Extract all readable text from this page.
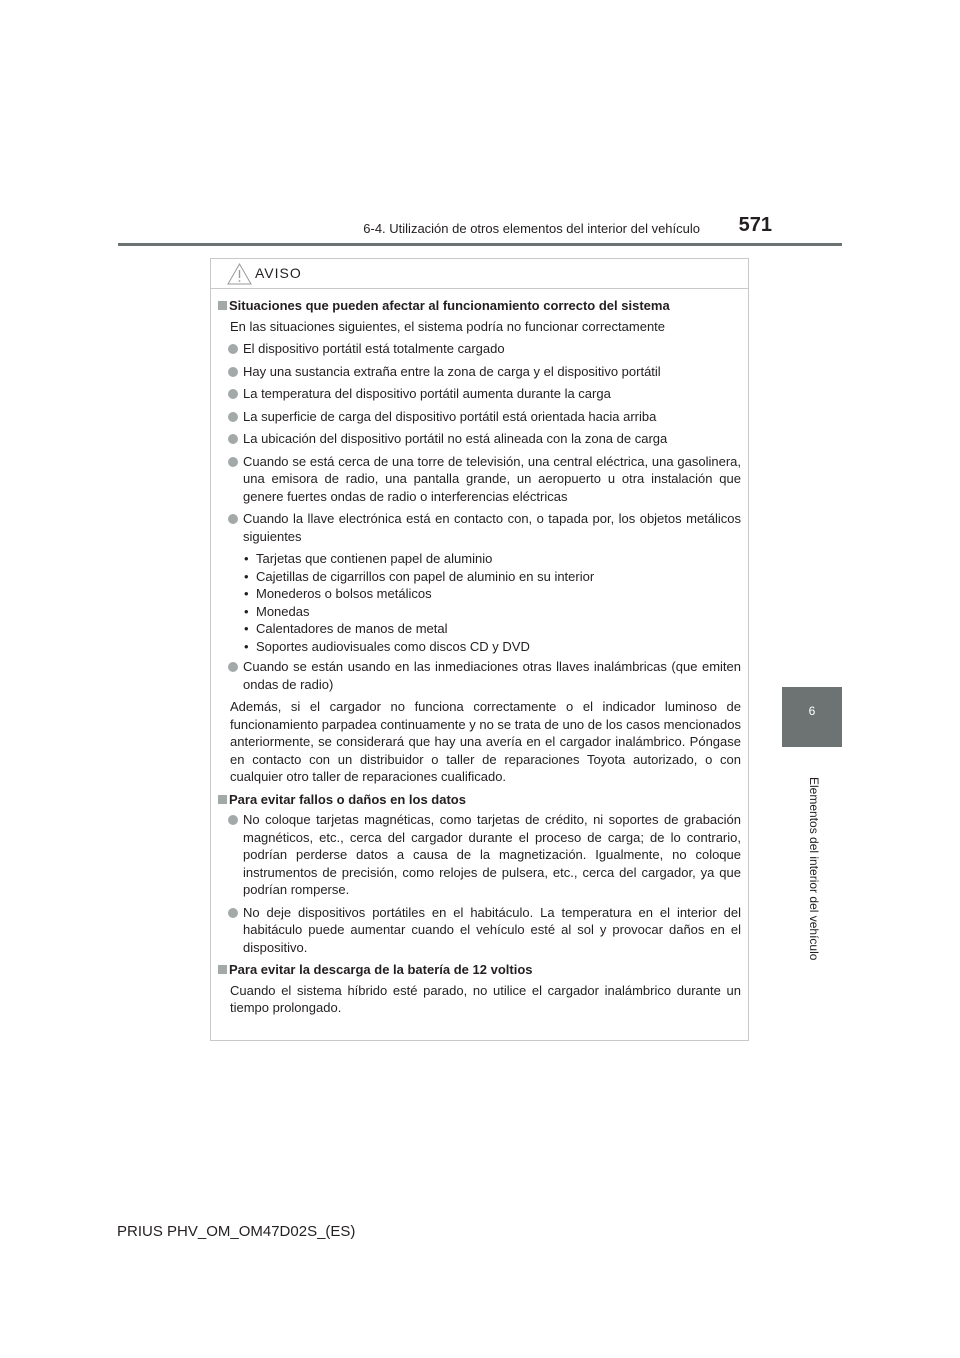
6-4. Utilización de otros elementos del interior del vehículo	571
6
Elementos del interior del vehículo
AVISO
Situaciones que pueden afectar al funcionamiento correcto del sistema
En las situaciones siguientes, el sistema podría no funcionar correctamente
El dispositivo portátil está totalmente cargado
Hay una sustancia extraña entre la zona de carga y el dispositivo portátil
La temperatura del dispositivo portátil aumenta durante la carga
La superficie de carga del dispositivo portátil está orientada hacia arriba
La ubicación del dispositivo portátil no está alineada con la zona de carga
Cuando se está cerca de una torre de televisión, una central eléctrica, una gasolinera, una emisora de radio, una pantalla grande, un aeropuerto u otra instalación que genere fuertes ondas de radio o interferencias eléctricas
Cuando la llave electrónica está en contacto con, o tapada por, los objetos metálicos siguientes
• Tarjetas que contienen papel de aluminio
• Cajetillas de cigarrillos con papel de aluminio en su interior
• Monederos o bolsos metálicos
• Monedas
• Calentadores de manos de metal
• Soportes audiovisuales como discos CD y DVD
Cuando se están usando en las inmediaciones otras llaves inalámbricas (que emiten ondas de radio)
Además, si el cargador no funciona correctamente o el indicador luminoso de funcionamiento parpadea continuamente y no se trata de uno de los casos mencionados anteriormente, se considerará que hay una avería en el cargador inalámbrico. Póngase en contacto con un distribuidor o taller de reparaciones Toyota autorizado, o con cualquier otro taller de reparaciones cualificado.
Para evitar fallos o daños en los datos
No coloque tarjetas magnéticas, como tarjetas de crédito, ni soportes de grabación magnéticos, etc., cerca del cargador durante el proceso de carga; de lo contrario, podrían perderse datos a causa de la magnetización. Igualmente, no coloque instrumentos de precisión, como relojes de pulsera, etc., cerca del cargador, ya que podrían romperse.
No deje dispositivos portátiles en el habitáculo. La temperatura en el interior del habitáculo puede aumentar cuando el vehículo esté al sol y provocar daños en el dispositivo.
Para evitar la descarga de la batería de 12 voltios
Cuando el sistema híbrido esté parado, no utilice el cargador inalámbrico durante un tiempo prolongado.
PRIUS PHV_OM_OM47D02S_(ES)
